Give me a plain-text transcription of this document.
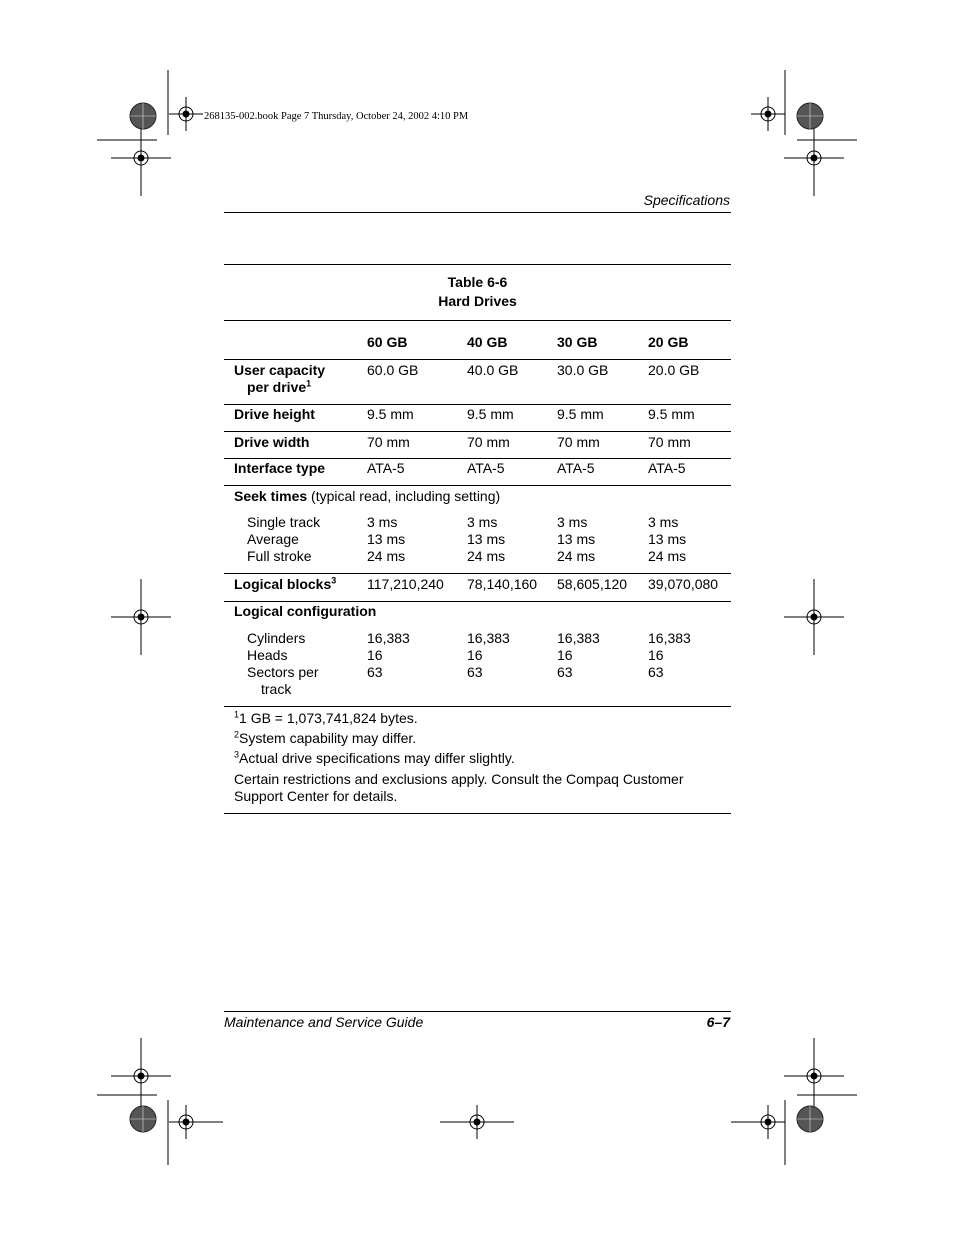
268135-002.book Page 7 Thursday, October 24, 2002 4:10 PM
Specifications
Table 6-6
Hard Drives
60 GB	40 GB	30 GB	20 GB
User capacity
per drive$^1$
60.0 GB	40.0 GB	30.0 GB	20.0 GB
Drive height	9.5 mm	9.5 mm	9.5 mm	9.5 mm
Drive width	70 mm	70 mm	70 mm	70 mm
Interface type	ATA-5	ATA-5	ATA-5	ATA-5
Seek times (typical read, including setting)
Single track	3 ms	3 ms	3 ms	3 ms
Average	13 ms	13 ms	13 ms	13 ms
Full stroke	24 ms	24 ms	24 ms	24 ms
Logical blocks$^3$ 117,210,240 78,140,160 58,605,120 39,070,080
Logical configuration
Cylinders	16,383	16,383	16,383	16,383
Heads	16	16	16	16
Sectors per	63	63	63	63
track
$^1$1 GB = 1,073,741,824 bytes.
$^2$System capability may differ.
$^3$Actual drive specifications may differ slightly.
Certain restrictions and exclusions apply. Consult the Compaq Customer Support Center for details.
Maintenance and Service Guide	6–7
